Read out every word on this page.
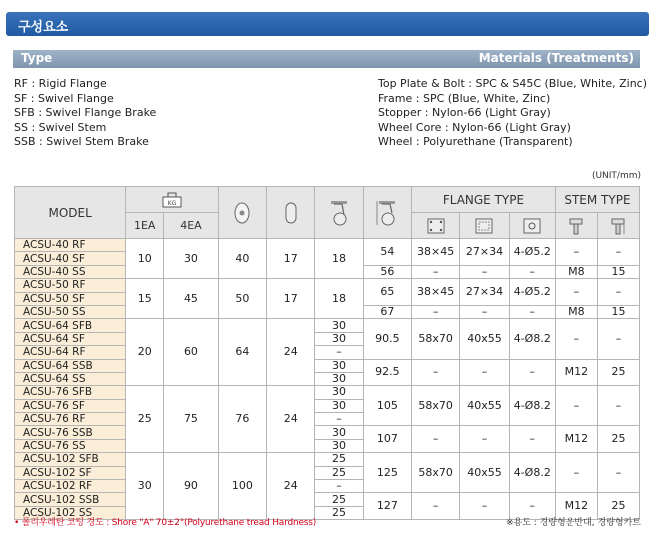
구성요소
Type	Materials (Treatments)
RF : Rigid Flange
SF : Swivel Flange
SFB : Swivel Flange Brake
SS : Swivel Stem
SSB : Swivel Stem Brake
Top Plate & Bolt : SPC & S45C (Blue, White, Zinc)
Frame : SPC (Blue, White, Zinc)
Stopper : Nylon-66 (Light Gray)
Wheel Core : Nylon-66 (Light Gray)
Wheel : Polyurethane (Transparent)
(UNIT/mm)
MODEL	KG						FLANGE TYPE			STEM TYPE	
	1EA	4EA	

ACSU-40 RF	10	30	40	17	18	54	38×45	27×34	4-Ø5.2	–	–
ACSU-40 SF											
ACSU-40 SS						56	–	–	–	M8	15
ACSU-50 RF	15	45	50	17	18	65	38×45	27×34	4-Ø5.2	–	–
ACSU-50 SF											
ACSU-50 SS						67	–	–	–	M8	15
ACSU-64 SFB	20	60	64	24	30	90.5	58x70	40x55	4-Ø8.2	–	–
ACSU-64 SF					30						
ACSU-64 RF					–						
ACSU-64 SSB					30	92.5	–	–	–	M12	25
ACSU-64 SS					30						
ACSU-76 SFB	25	75	76	24	30	105	58x70	40x55	4-Ø8.2	–	–
ACSU-76 SF					30						
ACSU-76 RF					–						
ACSU-76 SSB					30	107	–	–	–	M12	25
ACSU-76 SS					30						
ACSU-102 SFB	30	90	100	24	25	125	58x70	40x55	4-Ø8.2	–	–
ACSU-102 SF					25						
ACSU-102 RF					–						
ACSU-102 SSB					25	127	–	–	–	M12	25
ACSU-102 SS					25						
• 폴리우레탄 코팅 경도 : Shore "A" 70±2°(Polyurethane tread Hardness)	※용도 : 경량형운반대, 경량형카트
